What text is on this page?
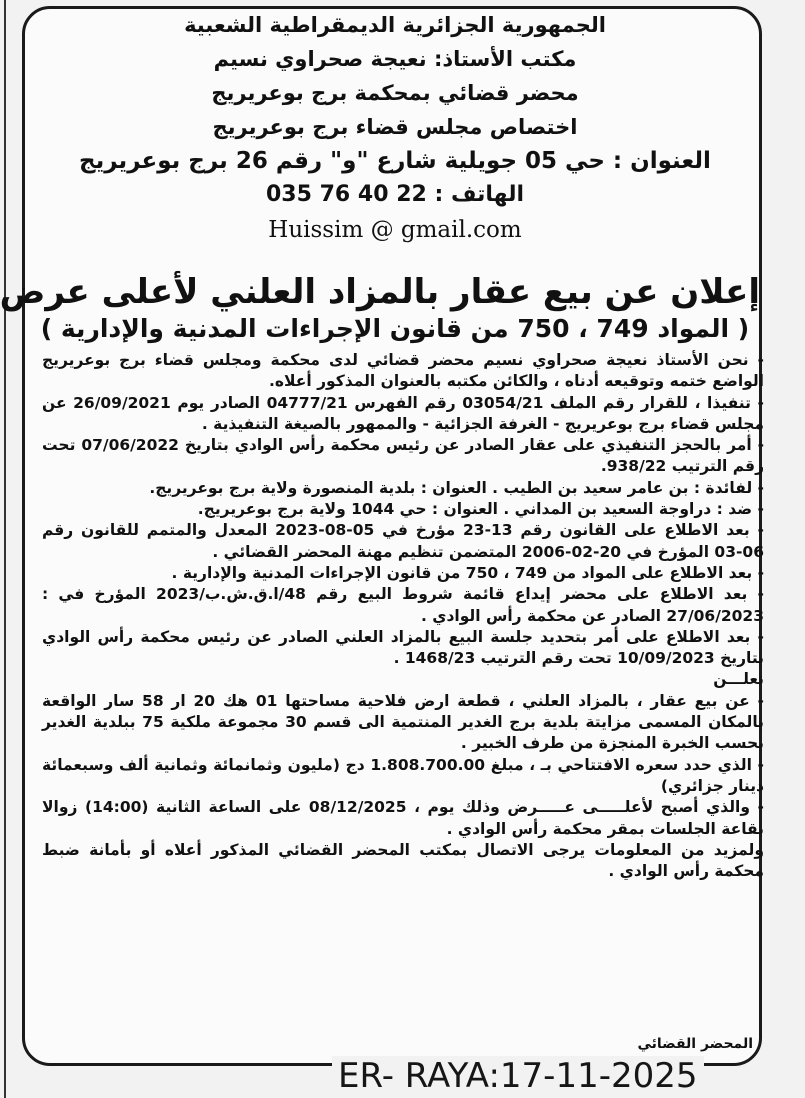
الجمهورية الجزائرية الديمقراطية الشعبية
مكتب الأستاذ: نعيجة صحراوي نسيم
محضر قضائي بمحكمة برج بوعريريج
اختصاص مجلس قضاء برج بوعريريج
العنوان : حي 05 جويلية شارع "و" رقم 26 برج بوعريريج
الهاتف : 22 40 76 035
Huissim @ gmail.com
إعلان عن بيع عقار بالمزاد العلني لأعلى عرض
( المواد 749 ، 750 من قانون الإجراءات المدنية والإدارية )

- نحن الأستاذ نعيجة صحراوي نسيم محضر قضائي لدى محكمة ومجلس قضاء برج بوعريريج الواضع ختمه وتوقيعه أدناه ، والكائن مكتبه بالعنوان المذكور أعلاه.

- تنفيذا ، للقرار رقم الملف 03054/21 رقم الفهرس 04777/21 الصادر يوم 26/09/2021 عن مجلس قضاء برج بوعريريج - الغرفة الجزائية - والممهور بالصيغة التنفيذية .

- أمر بالحجز التنفيذي على عقار الصادر عن رئيس محكمة رأس الوادي بتاريخ 07/06/2022 تحت رقم الترتيب 938/22.

- لفائدة : بن عامر سعيد بن الطيب . العنوان : بلدية المنصورة ولاية برج بوعريريج.

- ضد : دراوجة السعيد بن المداني . العنوان : حي 1044 ولاية برج بوعريريج.

- بعد الاطلاع على القانون رقم 13-23 مؤرخ في 05-08-2023 المعدل والمتمم للقانون رقم 06-03 المؤرخ في 20-02-2006 المتضمن تنظيم مهنة المحضر القضائي .

- بعد الاطلاع على المواد من 749 ، 750 من قانون الإجراءات المدنية والإدارية .

- بعد الاطلاع على محضر إيداع قائمة شروط البيع رقم 48/ا.ق.ش.ب/2023 المؤرخ في : 27/06/2023 الصادر عن محكمة رأس الوادي .

- بعد الاطلاع على أمر بتحديد جلسة البيع بالمزاد العلني الصادر عن رئيس محكمة رأس الوادي بتاريخ 10/09/2023 تحت رقم الترتيب 1468/23 .

نعلـــن

- عن بيع عقار ، بالمزاد العلني ، قطعة ارض فلاحية مساحتها 01 هك 20 ار 58 سار الواقعة بالمكان المسمى مزايتة بلدية برج الغدير المنتمية الى قسم 30 مجموعة ملكية 75 ببلدية الغدير بحسب الخبرة المنجزة من طرف الخبير .

- الذي حدد سعره الافتتاحي بـ ، مبلغ 1.808.700.00 دج (مليون وثمانمائة وثمانية ألف وسبعمائة دينار جزائري)

- والذي أصبح لأعلـــــى عـــــرض وذلك يوم ، 08/12/2025 على الساعة الثانية (14:00) زوالا بقاعة الجلسات بمقر محكمة رأس الوادي .

ولمزيد من المعلومات يرجى الاتصال بمكتب المحضر القضائي المذكور أعلاه أو بأمانة ضبط محكمة رأس الوادي .

المحضر القضائي
ER- RAYA:17-11-2025
